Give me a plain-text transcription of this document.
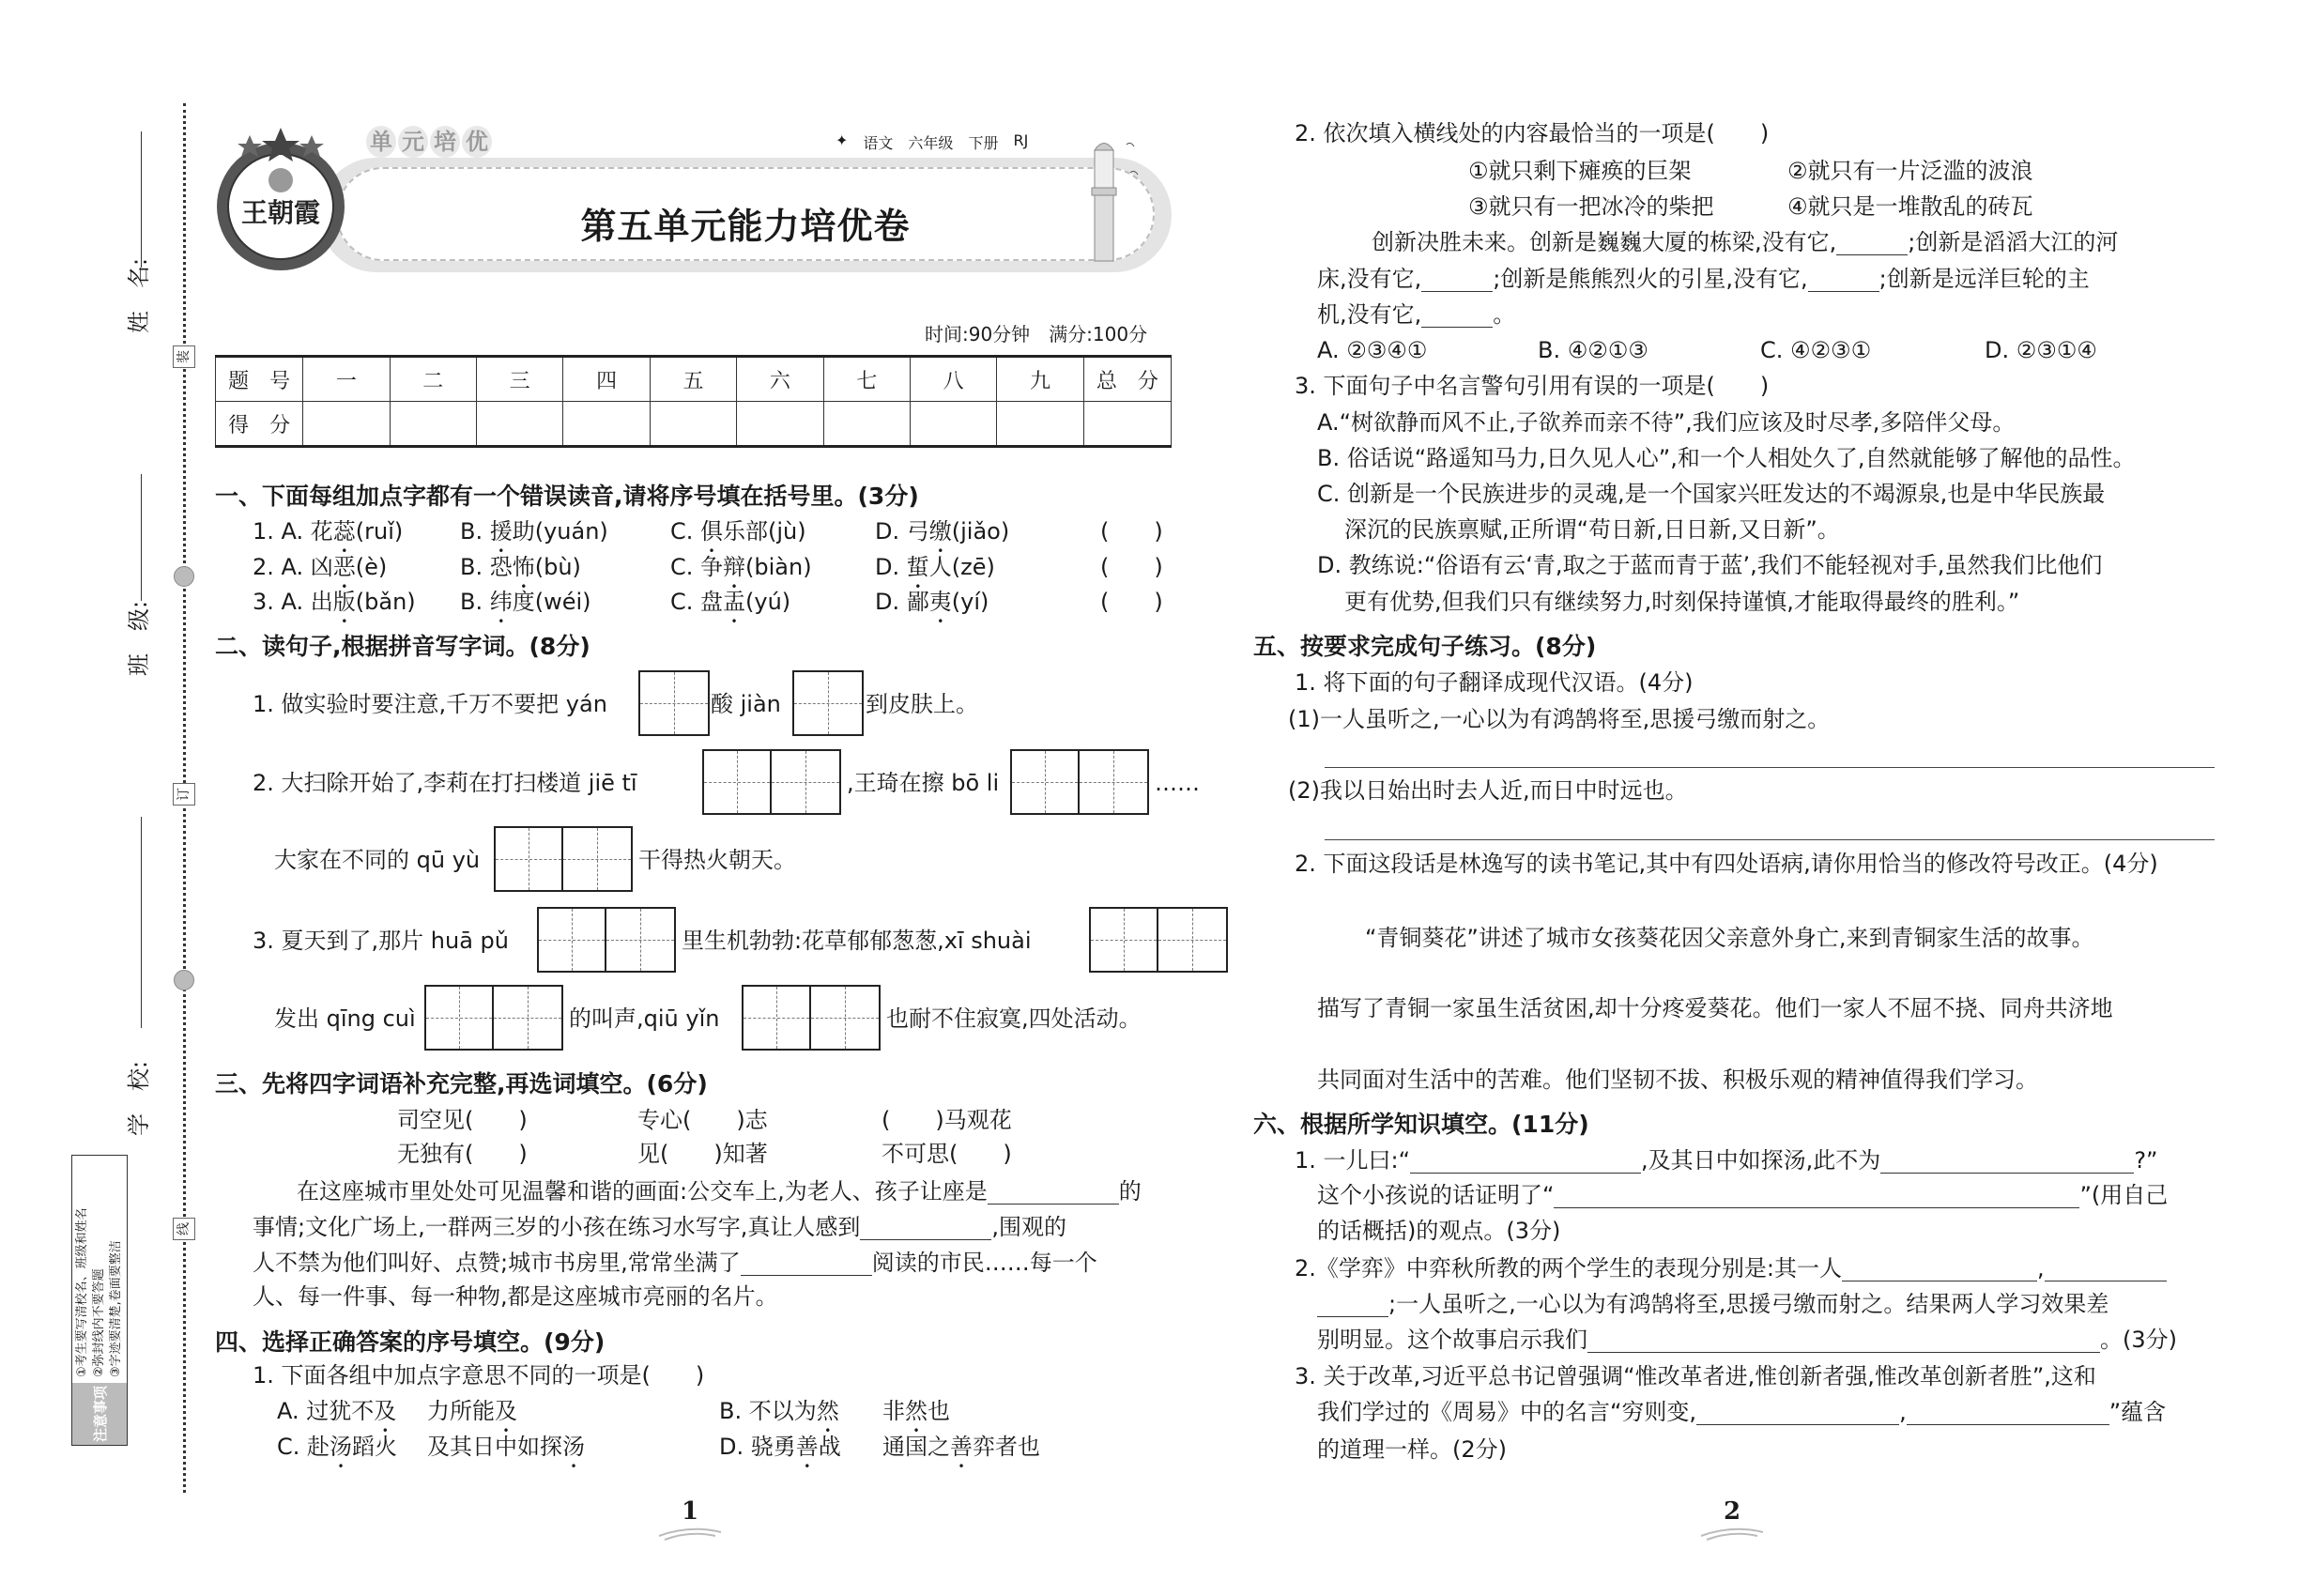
装
订
线
姓　名:
班　级:
学　校:
注意事项
①考生要写清校名、班级和姓名 ②弥封线内不要答题 ③字迹要清楚,卷面要整洁
第五单元能力培优卷
王朝霞
单 元 培 优	✦ 语文 六年级 下册 RJ
时间:90分钟　 满分:100分
题　号	一	二	三	四	五	六	七	八	九	总　分
得　分										
一、下面每组加点字都有一个错误读音,请将序号填在括号里。(3分)
1. A. 花蕊(ruǐ)	B. 援助(yuán)	C. 俱乐部(jù)	D. 弓缴(jiǎo)	(　　)
2. A. 凶恶(è)	B. 恐怖(bù)	C. 争辩(biàn)	D. 蜇人(zē)	(　　)
3. A. 出版(bǎn) B. 纬度(wéi)	C. 盘盂(yú)	D. 鄙夷(yí)	(　　)
二、读句子,根据拼音写字词。(8分)
1. 做实验时要注意,千万不要把 yán	酸 jiàn	到皮肤上。
2. 大扫除开始了,李莉在打扫楼道 jiē tī	,王琦在擦 bō li	……
大家在不同的 qū yù	干得热火朝天。
3. 夏天到了,那片 huā pǔ	里生机勃勃:花草郁郁葱葱,xī shuài
发出 qīng cuì	的叫声,qiū yǐn	也耐不住寂寞,四处活动。
三、先将四字词语补充完整,再选词填空。(6分)
司空见(　　)	专心(　　)志	(　　)马观花
无独有(　　)	见(　　)知著	不可思(　　)
在这座城市里处处可见温馨和谐的画面:公交车上,为老人、孩子让座是	的
事情;文化广场上,一群两三岁的小孩在练习水写字,真让人感到	,围观的
人不禁为他们叫好、点赞;城市书房里,常常坐满了	阅读的市民……每一个
人、每一件事、每一种物,都是这座城市亮丽的名片。
四、选择正确答案的序号填空。(9分)
1. 下面各组中加点字意思不同的一项是(　　)
A. 过犹不及 力所能及	B. 不以为然 非然也
C. 赴汤蹈火 及其日中如探汤	D. 骁勇善战 通国之善弈者也
1
2. 依次填入横线处的内容最恰当的一项是(　　)
①就只剩下瘫痪的巨架	②就只有一片泛滥的波浪
③就只有一把冰冷的柴把	④就只是一堆散乱的砖瓦
创新决胜未来。创新是巍巍大厦的栋梁,没有它,	;创新是滔滔大江的河
床,没有它,	;创新是熊熊烈火的引星,没有它,	;创新是远洋巨轮的主
机,没有它,	。
A. ②③④①	B. ④②①③	C. ④②③①	D. ②③①④
3. 下面句子中名言警句引用有误的一项是(　　)
A.“树欲静而风不止,子欲养而亲不待”,我们应该及时尽孝,多陪伴父母。
B. 俗话说“路遥知马力,日久见人心”,和一个人相处久了,自然就能够了解他的品性。
C. 创新是一个民族进步的灵魂,是一个国家兴旺发达的不竭源泉,也是中华民族最
深沉的民族禀赋,正所谓“苟日新,日日新,又日新”。
D. 教练说:“俗语有云‘青,取之于蓝而青于蓝’,我们不能轻视对手,虽然我们比他们
更有优势,但我们只有继续努力,时刻保持谨慎,才能取得最终的胜利。”
五、按要求完成句子练习。(8分)
1. 将下面的句子翻译成现代汉语。(4分)
(1)一人虽听之,一心以为有鸿鹄将至,思援弓缴而射之。
(2)我以日始出时去人近,而日中时远也。
2. 下面这段话是林逸写的读书笔记,其中有四处语病,请你用恰当的修改符号改正。(4分)
“青铜葵花”讲述了城市女孩葵花因父亲意外身亡,来到青铜家生活的故事。
描写了青铜一家虽生活贫困,却十分疼爱葵花。他们一家人不屈不挠、同舟共济地
共同面对生活中的苦难。他们坚韧不拔、积极乐观的精神值得我们学习。
六、根据所学知识填空。(11分)
1. 一儿曰:“	,及其日中如探汤,此不为	?”
这个小孩说的话证明了“	”(用自己
的话概括)的观点。(3分)
2.《学弈》中弈秋所教的两个学生的表现分别是:其一人	,
;一人虽听之,一心以为有鸿鹄将至,思援弓缴而射之。结果两人学习效果差
别明显。这个故事启示我们	。(3分)
3. 关于改革,习近平总书记曾强调“惟改革者进,惟创新者强,惟改革创新者胜”,这和
我们学过的《周易》中的名言“穷则变,	,	”蕴含
的道理一样。(2分)
2
